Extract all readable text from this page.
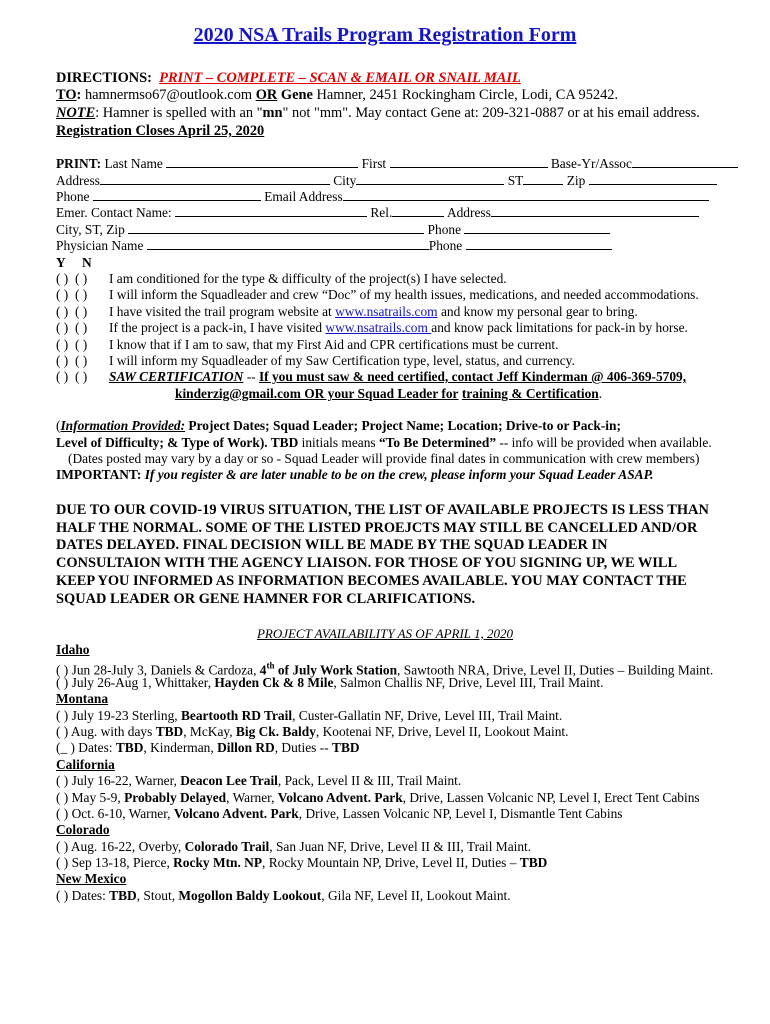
2020 NSA Trails Program Registration Form
DIRECTIONS: PRINT – COMPLETE – SCAN & EMAIL OR SNAIL MAIL
TO: hamnermso67@outlook.com OR Gene Hamner, 2451 Rockingham Circle, Lodi, CA 95242.
NOTE: Hamner is spelled with an "mn" not "mm". May contact Gene at: 209-321-0887 or at his email address.
Registration Closes April 25, 2020
PRINT: Last Name	First	Base-Yr/Assoc
Address	City	ST	Zip
Phone	Email Address
Emer. Contact Name:	Rel.	Address
City, ST, Zip	Phone
Physician Name	Phone
Y N
( )  ( ) I am conditioned for the type & difficulty of the project(s) I have selected.
( )  ( ) I will inform the Squadleader and crew “Doc” of my health issues, medications, and needed accommodations.
( )  ( ) I have visited the trail program website at www.nsatrails.com and know my personal gear to bring.
( )  ( ) If the project is a pack-in, I have visited www.nsatrails.com and know pack limitations for pack-in by horse.
( )  ( ) I know that if I am to saw, that my First Aid and CPR certifications must be current.
( )  ( ) I will inform my Squadleader of my Saw Certification type, level, status, and currency.
( )  ( ) SAW CERTIFICATION -- If you must saw & need certified, contact Jeff Kinderman @ 406-369-5709,
kinderzig@gmail.com OR your Squad Leader for training & Certification.
(Information Provided: Project Dates; Squad Leader; Project Name; Location; Drive-to or Pack-in;
Level of Difficulty; & Type of Work). TBD initials means “To Be Determined” -- info will be provided when available.
(Dates posted may vary by a day or so - Squad Leader will provide final dates in communication with crew members)
IMPORTANT: If you register & are later unable to be on the crew, please inform your Squad Leader ASAP.
DUE TO OUR COVID-19 VIRUS SITUATION, THE LIST OF AVAILABLE PROJECTS IS LESS THAN
HALF THE NORMAL. SOME OF THE LISTED PROEJCTS MAY STILL BE CANCELLED AND/OR
DATES DELAYED. FINAL DECISION WILL BE MADE BY THE SQUAD LEADER IN
CONSULTAION WITH THE AGENCY LIAISON. FOR THOSE OF YOU SIGNING UP, WE WILL
KEEP YOU INFORMED AS INFORMATION BECOMES AVAILABLE. YOU MAY CONTACT THE
SQUAD LEADER OR GENE HAMNER FOR CLARIFICATIONS.
PROJECT AVAILABILITY AS OF APRIL 1, 2020
Idaho
( ) Jun 28-July 3, Daniels & Cardoza, 4th of July Work Station, Sawtooth NRA, Drive, Level II, Duties – Building Maint.
( ) July 26-Aug 1, Whittaker, Hayden Ck & 8 Mile, Salmon Challis NF, Drive, Level III, Trail Maint.
Montana
( ) July 19-23 Sterling, Beartooth RD Trail, Custer-Gallatin NF, Drive, Level III, Trail Maint.
( ) Aug. with days TBD, McKay, Big Ck. Baldy, Kootenai NF, Drive, Level II, Lookout Maint.
(_ ) Dates: TBD, Kinderman, Dillon RD, Duties -- TBD
California
( ) July 16-22, Warner, Deacon Lee Trail, Pack, Level II & III, Trail Maint.
( ) May 5-9, Probably Delayed, Warner, Volcano Advent. Park, Drive, Lassen Volcanic NP, Level I, Erect Tent Cabins
( ) Oct. 6-10, Warner, Volcano Advent. Park, Drive, Lassen Volcanic NP, Level I, Dismantle Tent Cabins
Colorado
( ) Aug. 16-22, Overby, Colorado Trail, San Juan NF, Drive, Level II & III, Trail Maint.
( ) Sep 13-18, Pierce, Rocky Mtn. NP, Rocky Mountain NP, Drive, Level II, Duties – TBD
New Mexico
( ) Dates: TBD, Stout, Mogollon Baldy Lookout, Gila NF, Level II, Lookout Maint.
